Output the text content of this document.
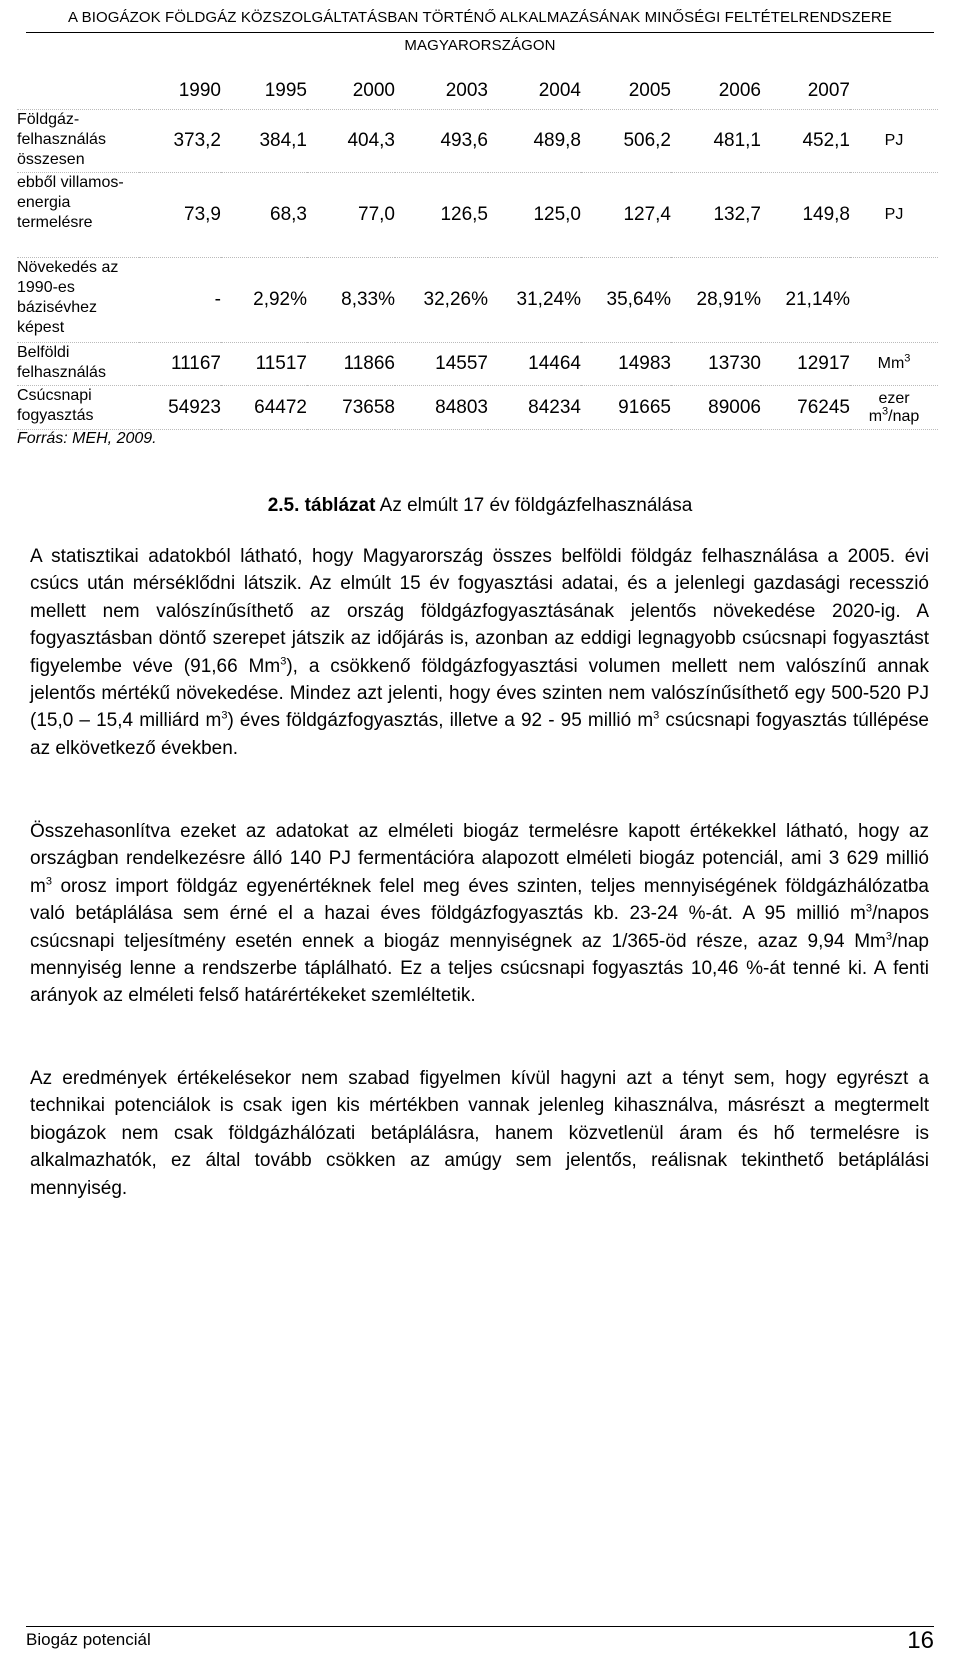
A BIOGÁZOK FÖLDGÁZ KÖZSZOLGÁLTATÁSBAN TÖRTÉNŐ ALKALMAZÁSÁNAK MINŐSÉGI FELTÉTELRENDSZERE MAGYARORSZÁGON
	1990	1995	2000	2003	2004	2005	2006	2007	
Földgáz-felhasználás összesen	373,2	384,1	404,3	493,6	489,8	506,2	481,1	452,1	PJ
ebből villamos-energia termelésre	73,9	68,3	77,0	126,5	125,0	127,4	132,7	149,8	PJ
Növekedés az 1990-es bázisévhez képest	-	2,92%	8,33%	32,26%	31,24%	35,64%	28,91%	21,14%	
Belföldi felhasználás	11167	11517	11866	14557	14464	14983	13730	12917	Mm$^3$
Csúcsnapi fogyasztás	54923	64472	73658	84803	84234	91665	89006	76245	ezer
$m^3$/nap
Forrás: MEH, 2009.									
2.5. táblázat Az elmúlt 17 év földgázfelhasználása

A statisztikai adatokból látható, hogy Magyarország összes belföldi földgáz felhasználása a 2005. évi csúcs után mérséklődni látszik. Az elmúlt 15 év fogyasztási adatai, és a jelenlegi gazdasági recesszió mellett nem valószínűsíthető az ország földgázfogyasztásának jelentős növekedése 2020-ig. A fogyasztásban döntő szerepet játszik az időjárás is, azonban az eddigi legnagyobb csúcsnapi fogyasztást figyelembe véve (91,66 Mm$^3$), a csökkenő földgázfogyasztási volumen mellett nem valószínű annak jelentős mértékű növekedése. Mindez azt jelenti, hogy éves szinten nem valószínűsíthető egy 500-520 PJ (15,0 – 15,4 milliárd $m^3$) éves földgázfogyasztás, illetve a 92 - 95 millió $m^3$ csúcsnapi fogyasztás túllépése az elkövetkező években.

Összehasonlítva ezeket az adatokat az elméleti biogáz termelésre kapott értékekkel látható, hogy az országban rendelkezésre álló 140 PJ fermentációra alapozott elméleti biogáz potenciál, ami 3 629 millió $m^3$ orosz import földgáz egyenértéknek felel meg éves szinten, teljes mennyiségének földgázhálózatba való betáplálása sem érné el a hazai éves földgázfogyasztás kb. 23-24 %-át. A 95 millió $m^3$/napos csúcsnapi teljesítmény esetén ennek a biogáz mennyiségnek az 1/365-öd része, azaz 9,94 Mm$^3$/nap mennyiség lenne a rendszerbe táplálható. Ez a teljes csúcsnapi fogyasztás 10,46 %-át tenné ki. A fenti arányok az elméleti felső határértékeket szemléltetik.

Az eredmények értékelésekor nem szabad figyelmen kívül hagyni azt a tényt sem, hogy egyrészt a technikai potenciálok is csak igen kis mértékben vannak jelenleg kihasználva, másrészt a megtermelt biogázok nem csak földgázhálózati betáplálásra, hanem közvetlenül áram és hő termelésre is alkalmazhatók, ez által tovább csökken az amúgy sem jelentős, reálisnak tekinthető betáplálási mennyiség.

Biogáz potenciál	16
